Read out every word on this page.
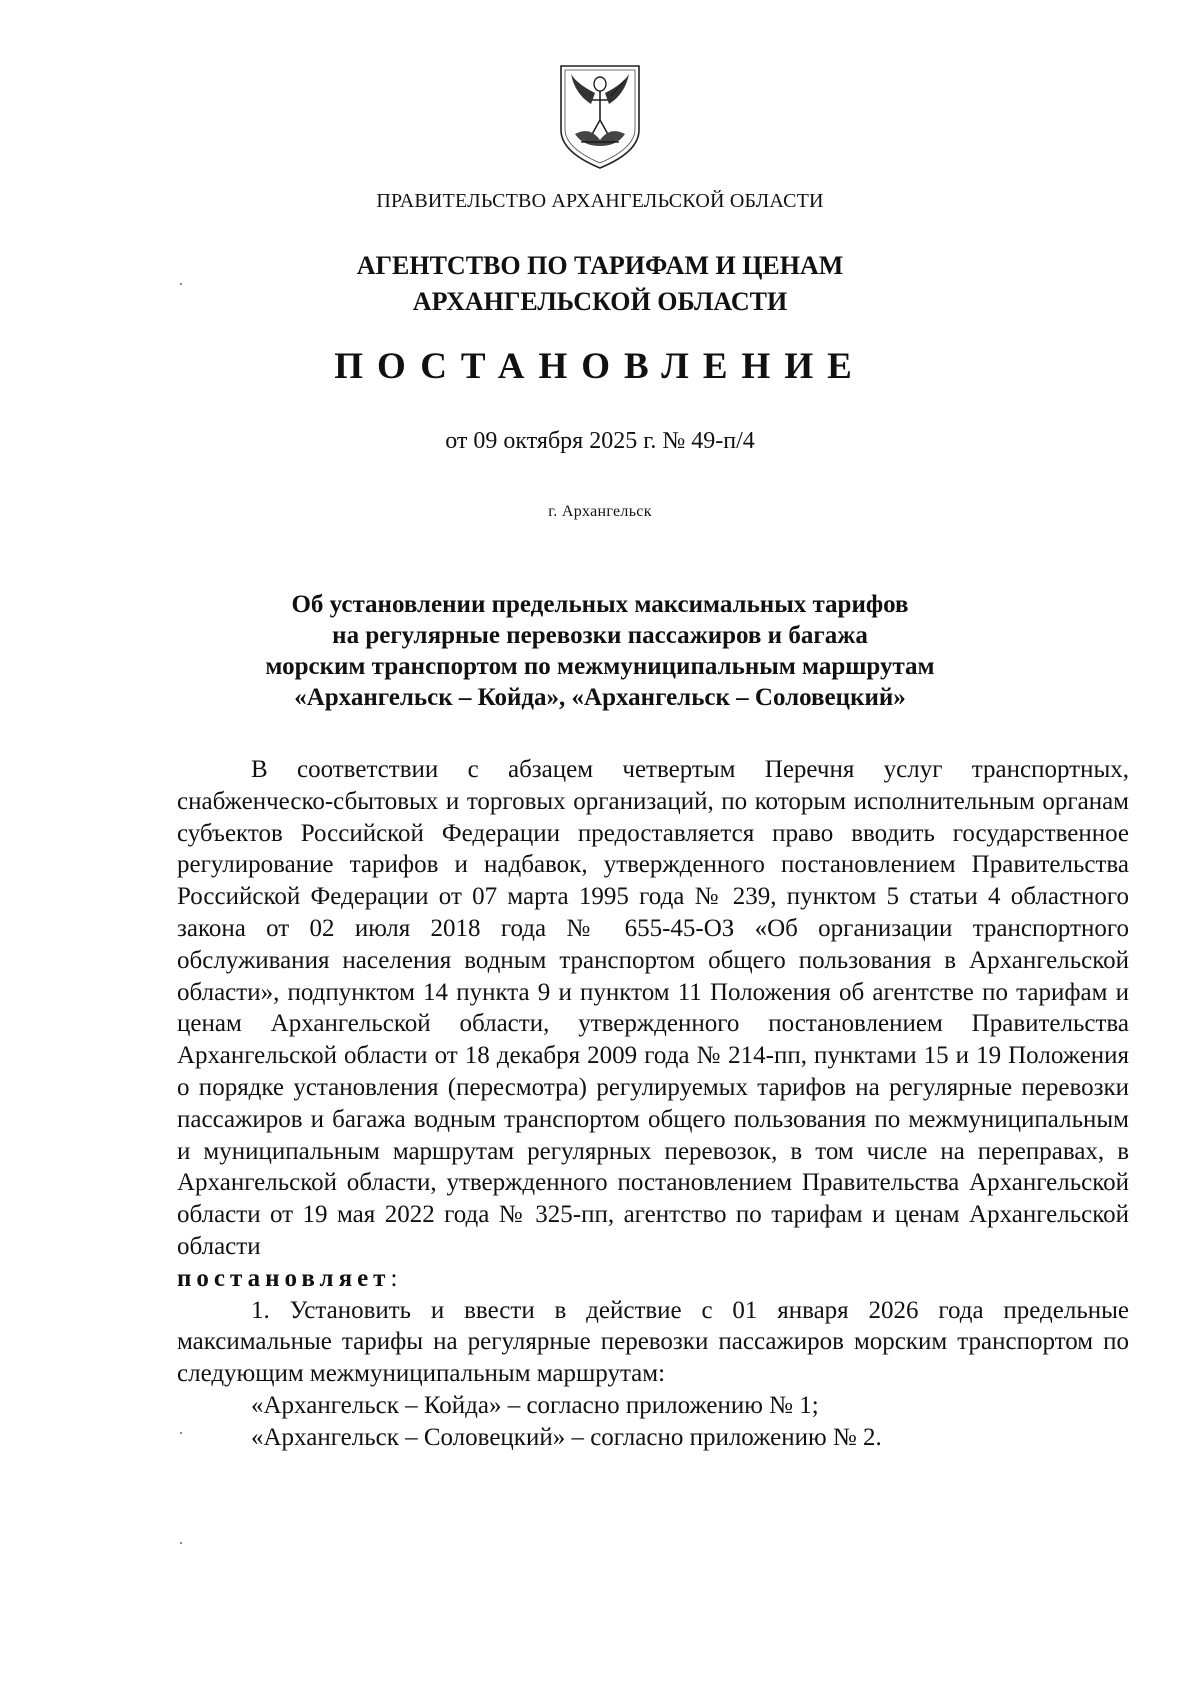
ПРАВИТЕЛЬСТВО АРХАНГЕЛЬСКОЙ ОБЛАСТИ
АГЕНТСТВО ПО ТАРИФАМ И ЦЕНАМ
АРХАНГЕЛЬСКОЙ ОБЛАСТИ
ПОСТАНОВЛЕНИЕ
от 09 октября 2025 г. № 49-п/4
г. Архангельск
Об установлении предельных максимальных тарифов
на регулярные перевозки пассажиров и багажа
морским транспортом по межмуниципальным маршрутам
«Архангельск – Койда», «Архангельск – Соловецкий»

В соответствии с абзацем четвертым Перечня услуг транспортных, снабженческо-сбытовых и торговых организаций, по которым исполнительным органам субъектов Российской Федерации предоставляется право вводить государственное регулирование тарифов и надбавок, утвержденного постановлением Правительства Российской Федерации от 07 марта 1995 года № 239, пунктом 5 статьи 4 областного закона от 02 июля 2018 года № 655-45-ОЗ «Об организации транспортного обслуживания населения водным транспортом общего пользования в Архангельской области», подпунктом 14 пункта 9 и пунктом 11 Положения об агентстве по тарифам и ценам Архангельской области, утвержденного постановлением Правительства Архангельской области от 18 декабря 2009 года № 214-пп, пунктами 15 и 19 Положения о порядке установления (пересмотра) регулируемых тарифов на регулярные перевозки пассажиров и багажа водным транспортом общего пользования по межмуниципальным и муниципальным маршрутам регулярных перевозок, в том числе на переправах, в Архангельской области, утвержденного постановлением Правительства Архангельской области от 19 мая 2022 года № 325-пп, агентство по тарифам и ценам Архангельской области

постановляет:

1. Установить и ввести в действие с 01 января 2026 года предельные максимальные тарифы на регулярные перевозки пассажиров морским транспортом по следующим межмуниципальным маршрутам:

«Архангельск – Койда» – согласно приложению № 1;

«Архангельск – Соловецкий» – согласно приложению № 2.
